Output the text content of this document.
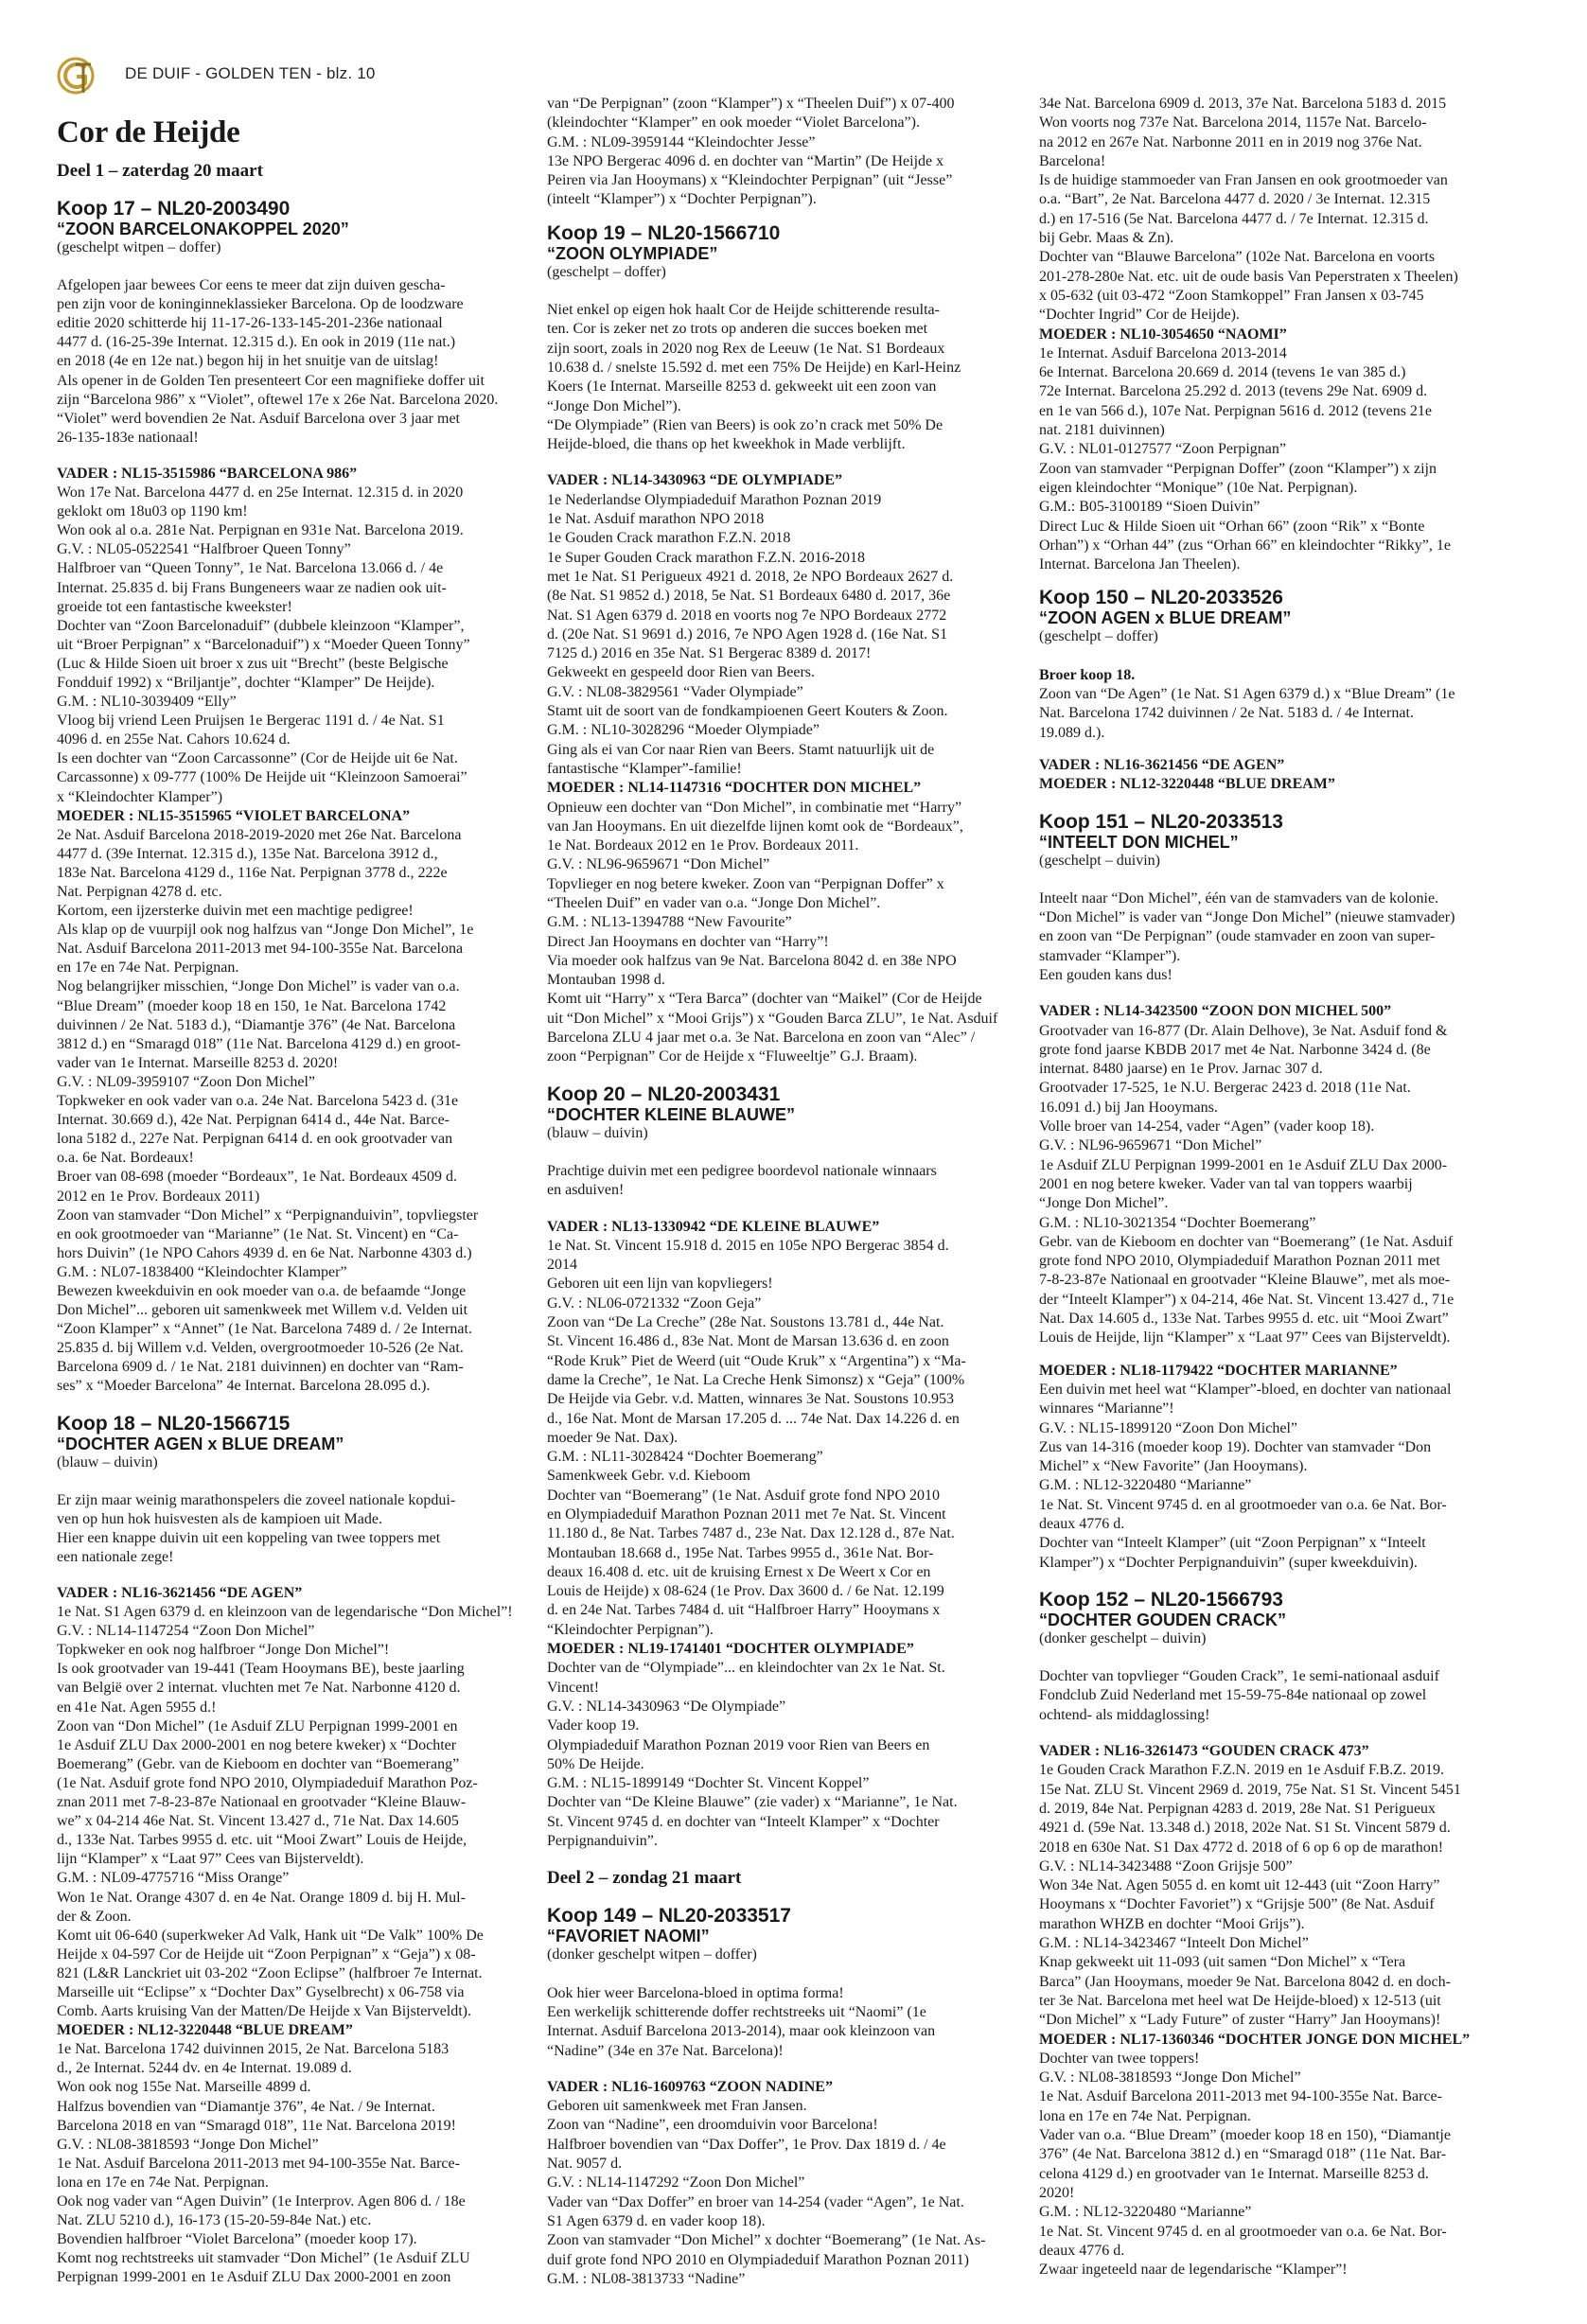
DE DUIF - GOLDEN TEN - blz. 10
Cor de Heijde
Deel 1 – zaterdag 20 maart
Koop 17 – NL20-2003490
“ZOON BARCELONAKOPPEL 2020”
(geschelpt witpen – doffer)
Afgelopen jaar bewees Cor eens te meer dat zijn duiven gescha-
pen zijn voor de koninginneklassieker Barcelona. Op de loodzware
editie 2020 schitterde hij 11-17-26-133-145-201-236e nationaal
4477 d. (16-25-39e Internat. 12.315 d.). En ook in 2019 (11e nat.)
en 2018 (4e en 12e nat.) begon hij in het snuitje van de uitslag!
Als opener in de Golden Ten presenteert Cor een magnifieke doffer uit
zijn “Barcelona 986” x “Violet”, oftewel 17e x 26e Nat. Barcelona 2020.
“Violet” werd bovendien 2e Nat. Asduif Barcelona over 3 jaar met
26-135-183e nationaal!
VADER : NL15-3515986 “BARCELONA 986”
Won 17e Nat. Barcelona 4477 d. en 25e Internat. 12.315 d. in 2020
geklokt om 18u03 op 1190 km!
Won ook al o.a. 281e Nat. Perpignan en 931e Nat. Barcelona 2019.
G.V. : NL05-0522541 “Halfbroer Queen Tonny”
Halfbroer van “Queen Tonny”, 1e Nat. Barcelona 13.066 d. / 4e
Internat. 25.835 d. bij Frans Bungeneers waar ze nadien ook uit-
groeide tot een fantastische kweekster!
Dochter van “Zoon Barcelonaduif” (dubbele kleinzoon “Klamper”,
uit “Broer Perpignan” x “Barcelonaduif”) x “Moeder Queen Tonny”
(Luc & Hilde Sioen uit broer x zus uit “Brecht” (beste Belgische
Fondduif 1992) x “Briljantje”, dochter “Klamper” De Heijde).
G.M. : NL10-3039409 “Elly”
Vloog bij vriend Leen Pruijsen 1e Bergerac 1191 d. / 4e Nat. S1
4096 d. en 255e Nat. Cahors 10.624 d.
Is een dochter van “Zoon Carcassonne” (Cor de Heijde uit 6e Nat.
Carcassonne) x 09-777 (100% De Heijde uit “Kleinzoon Samoerai”
x “Kleindochter Klamper”)
MOEDER : NL15-3515965 “VIOLET BARCELONA”
2e Nat. Asduif Barcelona 2018-2019-2020 met 26e Nat. Barcelona
4477 d. (39e Internat. 12.315 d.), 135e Nat. Barcelona 3912 d.,
183e Nat. Barcelona 4129 d., 116e Nat. Perpignan 3778 d., 222e
Nat. Perpignan 4278 d. etc.
Kortom, een ijzersterke duivin met een machtige pedigree!
Als klap op de vuurpijl ook nog halfzus van “Jonge Don Michel”, 1e
Nat. Asduif Barcelona 2011-2013 met 94-100-355e Nat. Barcelona
en 17e en 74e Nat. Perpignan.
Nog belangrijker misschien, “Jonge Don Michel” is vader van o.a.
“Blue Dream” (moeder koop 18 en 150, 1e Nat. Barcelona 1742
duivinnen / 2e Nat. 5183 d.), “Diamantje 376” (4e Nat. Barcelona
3812 d.) en “Smaragd 018” (11e Nat. Barcelona 4129 d.) en groot-
vader van 1e Internat. Marseille 8253 d. 2020!
G.V. : NL09-3959107 “Zoon Don Michel”
Topkweker en ook vader van o.a. 24e Nat. Barcelona 5423 d. (31e
Internat. 30.669 d.), 42e Nat. Perpignan 6414 d., 44e Nat. Barce-
lona 5182 d., 227e Nat. Perpignan 6414 d. en ook grootvader van
o.a. 6e Nat. Bordeaux!
Broer van 08-698 (moeder “Bordeaux”, 1e Nat. Bordeaux 4509 d.
2012 en 1e Prov. Bordeaux 2011)
Zoon van stamvader “Don Michel” x “Perpignanduivin”, topvliegster
en ook grootmoeder van “Marianne” (1e Nat. St. Vincent) en “Ca-
hors Duivin” (1e NPO Cahors 4939 d. en 6e Nat. Narbonne 4303 d.)
G.M. : NL07-1838400 “Kleindochter Klamper”
Bewezen kweekduivin en ook moeder van o.a. de befaamde “Jonge
Don Michel”... geboren uit samenkweek met Willem v.d. Velden uit
“Zoon Klamper” x “Annet” (1e Nat. Barcelona 7489 d. / 2e Internat.
25.835 d. bij Willem v.d. Velden, overgrootmoeder 10-526 (2e Nat.
Barcelona 6909 d. / 1e Nat. 2181 duivinnen) en dochter van “Ram-
ses” x “Moeder Barcelona” 4e Internat. Barcelona 28.095 d.).
Koop 18 – NL20-1566715
“DOCHTER AGEN x BLUE DREAM”
(blauw – duivin)
Er zijn maar weinig marathonspelers die zoveel nationale kopdui-
ven op hun hok huisvesten als de kampioen uit Made.
Hier een knappe duivin uit een koppeling van twee toppers met
een nationale zege!
VADER : NL16-3621456 “DE AGEN”
1e Nat. S1 Agen 6379 d. en kleinzoon van de legendarische “Don Michel”!
G.V. : NL14-1147254 “Zoon Don Michel”
Topkweker en ook nog halfbroer “Jonge Don Michel”!
Is ook grootvader van 19-441 (Team Hooymans BE), beste jaarling
van België over 2 internat. vluchten met 7e Nat. Narbonne 4120 d.
en 41e Nat. Agen 5955 d.!
Zoon van “Don Michel” (1e Asduif ZLU Perpignan 1999-2001 en
1e Asduif ZLU Dax 2000-2001 en nog betere kweker) x “Dochter
Boemerang” (Gebr. van de Kieboom en dochter van “Boemerang”
(1e Nat. Asduif grote fond NPO 2010, Olympiadeduif Marathon Poz-
znan 2011 met 7-8-23-87e Nationaal en grootvader “Kleine Blauw-
we” x 04-214 46e Nat. St. Vincent 13.427 d., 71e Nat. Dax 14.605
d., 133e Nat. Tarbes 9955 d. etc. uit “Mooi Zwart” Louis de Heijde,
lijn “Klamper” x “Laat 97” Cees van Bijsterveldt).
G.M. : NL09-4775716 “Miss Orange”
Won 1e Nat. Orange 4307 d. en 4e Nat. Orange 1809 d. bij H. Mul-
der & Zoon.
Komt uit 06-640 (superkweker Ad Valk, Hank uit “De Valk” 100% De
Heijde x 04-597 Cor de Heijde uit “Zoon Perpignan” x “Geja”) x 08-
821 (L&R Lanckriet uit 03-202 “Zoon Eclipse” (halfbroer 7e Internat.
Marseille uit “Eclipse” x “Dochter Dax” Gyselbrecht) x 06-758 via
Comb. Aarts kruising Van der Matten/De Heijde x Van Bijsterveldt).
MOEDER : NL12-3220448 “BLUE DREAM”
1e Nat. Barcelona 1742 duivinnen 2015, 2e Nat. Barcelona 5183
d., 2e Internat. 5244 dv. en 4e Internat. 19.089 d.
Won ook nog 155e Nat. Marseille 4899 d.
Halfzus bovendien van “Diamantje 376”, 4e Nat. / 9e Internat.
Barcelona 2018 en van “Smaragd 018”, 11e Nat. Barcelona 2019!
G.V. : NL08-3818593 “Jonge Don Michel”
1e Nat. Asduif Barcelona 2011-2013 met 94-100-355e Nat. Barce-
lona en 17e en 74e Nat. Perpignan.
Ook nog vader van “Agen Duivin” (1e Interprov. Agen 806 d. / 18e
Nat. ZLU 5210 d.), 16-173 (15-20-59-84e Nat.) etc.
Bovendien halfbroer “Violet Barcelona” (moeder koop 17).
Komt nog rechtstreeks uit stamvader “Don Michel” (1e Asduif ZLU
Perpignan 1999-2001 en 1e Asduif ZLU Dax 2000-2001 en zoon
van “De Perpignan” (zoon “Klamper”) x “Theelen Duif”) x 07-400
(kleindochter “Klamper” en ook moeder “Violet Barcelona”).
G.M. : NL09-3959144 “Kleindochter Jesse”
13e NPO Bergerac 4096 d. en dochter van “Martin” (De Heijde x
Peiren via Jan Hooymans) x “Kleindochter Perpignan” (uit “Jesse”
(inteelt “Klamper”) x “Dochter Perpignan”).
Koop 19 – NL20-1566710
“ZOON OLYMPIADE”
(geschelpt – doffer)
Niet enkel op eigen hok haalt Cor de Heijde schitterende resulta-
ten. Cor is zeker net zo trots op anderen die succes boeken met
zijn soort, zoals in 2020 nog Rex de Leeuw (1e Nat. S1 Bordeaux
10.638 d. / snelste 15.592 d. met een 75% De Heijde) en Karl-Heinz
Koers (1e Internat. Marseille 8253 d. gekweekt uit een zoon van
“Jonge Don Michel”).
“De Olympiade” (Rien van Beers) is ook zo’n crack met 50% De
Heijde-bloed, die thans op het kweekhok in Made verblijft.
VADER : NL14-3430963 “DE OLYMPIADE”
1e Nederlandse Olympiadeduif Marathon Poznan 2019
1e Nat. Asduif marathon NPO 2018
1e Gouden Crack marathon F.Z.N. 2018
1e Super Gouden Crack marathon F.Z.N. 2016-2018
met 1e Nat. S1 Perigueux 4921 d. 2018, 2e NPO Bordeaux 2627 d.
(8e Nat. S1 9852 d.) 2018, 5e Nat. S1 Bordeaux 6480 d. 2017, 36e
Nat. S1 Agen 6379 d. 2018 en voorts nog 7e NPO Bordeaux 2772
d. (20e Nat. S1 9691 d.) 2016, 7e NPO Agen 1928 d. (16e Nat. S1
7125 d.) 2016 en 35e Nat. S1 Bergerac 8389 d. 2017!
Gekweekt en gespeeld door Rien van Beers.
G.V. : NL08-3829561 “Vader Olympiade”
Stamt uit de soort van de fondkampioenen Geert Kouters & Zoon.
G.M. : NL10-3028296 “Moeder Olympiade”
Ging als ei van Cor naar Rien van Beers. Stamt natuurlijk uit de
fantastische “Klamper”-familie!
MOEDER : NL14-1147316 “DOCHTER DON MICHEL”
Opnieuw een dochter van “Don Michel”, in combinatie met “Harry”
van Jan Hooymans. En uit diezelfde lijnen komt ook de “Bordeaux”,
1e Nat. Bordeaux 2012 en 1e Prov. Bordeaux 2011.
G.V. : NL96-9659671 “Don Michel”
Topvlieger en nog betere kweker. Zoon van “Perpignan Doffer” x
“Theelen Duif” en vader van o.a. “Jonge Don Michel”.
G.M. : NL13-1394788 “New Favourite”
Direct Jan Hooymans en dochter van “Harry”!
Via moeder ook halfzus van 9e Nat. Barcelona 8042 d. en 38e NPO
Montauban 1998 d.
Komt uit “Harry” x “Tera Barca” (dochter van “Maikel” (Cor de Heijde
uit “Don Michel” x “Mooi Grijs”) x “Gouden Barca ZLU”, 1e Nat. Asduif
Barcelona ZLU 4 jaar met o.a. 3e Nat. Barcelona en zoon van “Alec” /
zoon “Perpignan” Cor de Heijde x “Fluweeltje” G.J. Braam).
Koop 20 – NL20-2003431
“DOCHTER KLEINE BLAUWE”
(blauw – duivin)
Prachtige duivin met een pedigree boordevol nationale winnaars
en asduiven!
VADER : NL13-1330942 “DE KLEINE BLAUWE”
1e Nat. St. Vincent 15.918 d. 2015 en 105e NPO Bergerac 3854 d.
2014
Geboren uit een lijn van kopvliegers!
G.V. : NL06-0721332 “Zoon Geja”
Zoon van “De La Creche” (28e Nat. Soustons 13.781 d., 44e Nat.
St. Vincent 16.486 d., 83e Nat. Mont de Marsan 13.636 d. en zoon
“Rode Kruk” Piet de Weerd (uit “Oude Kruk” x “Argentina”) x “Ma-
dame la Creche”, 1e Nat. La Creche Henk Simonsz) x “Geja” (100%
De Heijde via Gebr. v.d. Matten, winnares 3e Nat. Soustons 10.953
d., 16e Nat. Mont de Marsan 17.205 d. ... 74e Nat. Dax 14.226 d. en
moeder 9e Nat. Dax).
G.M. : NL11-3028424 “Dochter Boemerang”
Samenkweek Gebr. v.d. Kieboom
Dochter van “Boemerang” (1e Nat. Asduif grote fond NPO 2010
en Olympiadeduif Marathon Poznan 2011 met 7e Nat. St. Vincent
11.180 d., 8e Nat. Tarbes 7487 d., 23e Nat. Dax 12.128 d., 87e Nat.
Montauban 18.668 d., 195e Nat. Tarbes 9955 d., 361e Nat. Bor-
deaux 16.408 d. etc. uit de kruising Ernest x De Weert x Cor en
Louis de Heijde) x 08-624 (1e Prov. Dax 3600 d. / 6e Nat. 12.199
d. en 24e Nat. Tarbes 7484 d. uit “Halfbroer Harry” Hooymans x
“Kleindochter Perpignan”).
MOEDER : NL19-1741401 “DOCHTER OLYMPIADE”
Dochter van de “Olympiade”... en kleindochter van 2x 1e Nat. St.
Vincent!
G.V. : NL14-3430963 “De Olympiade”
Vader koop 19.
Olympiadeduif Marathon Poznan 2019 voor Rien van Beers en
50% De Heijde.
G.M. : NL15-1899149 “Dochter St. Vincent Koppel”
Dochter van “De Kleine Blauwe” (zie vader) x “Marianne”, 1e Nat.
St. Vincent 9745 d. en dochter van “Inteelt Klamper” x “Dochter
Perpignanduivin”.
Deel 2 – zondag 21 maart
Koop 149 – NL20-2033517
“FAVORIET NAOMI”
(donker geschelpt witpen – doffer)
Ook hier weer Barcelona-bloed in optima forma!
Een werkelijk schitterende doffer rechtstreeks uit “Naomi” (1e
Internat. Asduif Barcelona 2013-2014), maar ook kleinzoon van
“Nadine” (34e en 37e Nat. Barcelona)!
VADER : NL16-1609763 “ZOON NADINE”
Geboren uit samenkweek met Fran Jansen.
Zoon van “Nadine”, een droomduivin voor Barcelona!
Halfbroer bovendien van “Dax Doffer”, 1e Prov. Dax 1819 d. / 4e
Nat. 9057 d.
G.V. : NL14-1147292 “Zoon Don Michel”
Vader van “Dax Doffer” en broer van 14-254 (vader “Agen”, 1e Nat.
S1 Agen 6379 d. en vader koop 18).
Zoon van stamvader “Don Michel” x dochter “Boemerang” (1e Nat. As-
duif grote fond NPO 2010 en Olympiadeduif Marathon Poznan 2011)
G.M. : NL08-3813733 “Nadine”
34e Nat. Barcelona 6909 d. 2013, 37e Nat. Barcelona 5183 d. 2015
Won voorts nog 737e Nat. Barcelona 2014, 1157e Nat. Barcelo-
na 2012 en 267e Nat. Narbonne 2011 en in 2019 nog 376e Nat.
Barcelona!
Is de huidige stammoeder van Fran Jansen en ook grootmoeder van
o.a. “Bart”, 2e Nat. Barcelona 4477 d. 2020 / 3e Internat. 12.315
d.) en 17-516 (5e Nat. Barcelona 4477 d. / 7e Internat. 12.315 d.
bij Gebr. Maas & Zn).
Dochter van “Blauwe Barcelona” (102e Nat. Barcelona en voorts
201-278-280e Nat. etc. uit de oude basis Van Peperstraten x Theelen)
x 05-632 (uit 03-472 “Zoon Stamkoppel” Fran Jansen x 03-745
“Dochter Ingrid” Cor de Heijde).
MOEDER : NL10-3054650 “NAOMI”
1e Internat. Asduif Barcelona 2013-2014
6e Internat. Barcelona 20.669 d. 2014 (tevens 1e van 385 d.)
72e Internat. Barcelona 25.292 d. 2013 (tevens 29e Nat. 6909 d.
en 1e van 566 d.), 107e Nat. Perpignan 5616 d. 2012 (tevens 21e
nat. 2181 duivinnen)
G.V. : NL01-0127577 “Zoon Perpignan”
Zoon van stamvader “Perpignan Doffer” (zoon “Klamper”) x zijn
eigen kleindochter “Monique” (10e Nat. Perpignan).
G.M.: B05-3100189 “Sioen Duivin”
Direct Luc & Hilde Sioen uit “Orhan 66” (zoon “Rik” x “Bonte
Orhan”) x “Orhan 44” (zus “Orhan 66” en kleindochter “Rikky”, 1e
Internat. Barcelona Jan Theelen).
Koop 150 – NL20-2033526
“ZOON AGEN x BLUE DREAM”
(geschelpt – doffer)
Broer koop 18.
Zoon van “De Agen” (1e Nat. S1 Agen 6379 d.) x “Blue Dream” (1e
Nat. Barcelona 1742 duivinnen / 2e Nat. 5183 d. / 4e Internat.
19.089 d.).
VADER : NL16-3621456 “DE AGEN”
MOEDER : NL12-3220448 “BLUE DREAM”
Koop 151 – NL20-2033513
“INTEELT DON MICHEL”
(geschelpt – duivin)
Inteelt naar “Don Michel”, één van de stamvaders van de kolonie.
“Don Michel” is vader van “Jonge Don Michel” (nieuwe stamvader)
en zoon van “De Perpignan” (oude stamvader en zoon van super-
stamvader “Klamper”).
Een gouden kans dus!
VADER : NL14-3423500 “ZOON DON MICHEL 500”
Grootvader van 16-877 (Dr. Alain Delhove), 3e Nat. Asduif fond &
grote fond jaarse KBDB 2017 met 4e Nat. Narbonne 3424 d. (8e
internat. 8480 jaarse) en 1e Prov. Jarnac 307 d.
Grootvader 17-525, 1e N.U. Bergerac 2423 d. 2018 (11e Nat.
16.091 d.) bij Jan Hooymans.
Volle broer van 14-254, vader “Agen” (vader koop 18).
G.V. : NL96-9659671 “Don Michel”
1e Asduif ZLU Perpignan 1999-2001 en 1e Asduif ZLU Dax 2000-
2001 en nog betere kweker. Vader van tal van toppers waarbij
“Jonge Don Michel”.
G.M. : NL10-3021354 “Dochter Boemerang”
Gebr. van de Kieboom en dochter van “Boemerang” (1e Nat. Asduif
grote fond NPO 2010, Olympiadeduif Marathon Poznan 2011 met
7-8-23-87e Nationaal en grootvader “Kleine Blauwe”, met als moe-
der “Inteelt Klamper”) x 04-214, 46e Nat. St. Vincent 13.427 d., 71e
Nat. Dax 14.605 d., 133e Nat. Tarbes 9955 d. etc. uit “Mooi Zwart”
Louis de Heijde, lijn “Klamper” x “Laat 97” Cees van Bijsterveldt).
MOEDER : NL18-1179422 “DOCHTER MARIANNE”
Een duivin met heel wat “Klamper”-bloed, en dochter van nationaal
winnares “Marianne”!
G.V. : NL15-1899120 “Zoon Don Michel”
Zus van 14-316 (moeder koop 19). Dochter van stamvader “Don
Michel” x “New Favorite” (Jan Hooymans).
G.M. : NL12-3220480 “Marianne”
1e Nat. St. Vincent 9745 d. en al grootmoeder van o.a. 6e Nat. Bor-
deaux 4776 d.
Dochter van “Inteelt Klamper” (uit “Zoon Perpignan” x “Inteelt
Klamper”) x “Dochter Perpignanduivin” (super kweekduivin).
Koop 152 – NL20-1566793
“DOCHTER GOUDEN CRACK”
(donker geschelpt – duivin)
Dochter van topvlieger “Gouden Crack”, 1e semi-nationaal asduif
Fondclub Zuid Nederland met 15-59-75-84e nationaal op zowel
ochtend- als middaglossing!
VADER : NL16-3261473 “GOUDEN CRACK 473”
1e Gouden Crack Marathon F.Z.N. 2019 en 1e Asduif F.B.Z. 2019.
15e Nat. ZLU St. Vincent 2969 d. 2019, 75e Nat. S1 St. Vincent 5451
d. 2019, 84e Nat. Perpignan 4283 d. 2019, 28e Nat. S1 Perigueux
4921 d. (59e Nat. 13.348 d.) 2018, 202e Nat. S1 St. Vincent 5879 d.
2018 en 630e Nat. S1 Dax 4772 d. 2018 of 6 op 6 op de marathon!
G.V. : NL14-3423488 “Zoon Grijsje 500”
Won 34e Nat. Agen 5055 d. en komt uit 12-443 (uit “Zoon Harry”
Hooymans x “Dochter Favoriet”) x “Grijsje 500” (8e Nat. Asduif
marathon WHZB en dochter “Mooi Grijs”).
G.M. : NL14-3423467 “Inteelt Don Michel”
Knap gekweekt uit 11-093 (uit samen “Don Michel” x “Tera
Barca” (Jan Hooymans, moeder 9e Nat. Barcelona 8042 d. en doch-
ter 3e Nat. Barcelona met heel wat De Heijde-bloed) x 12-513 (uit
“Don Michel” x “Lady Future” of zuster “Harry” Jan Hooymans)!
MOEDER : NL17-1360346 “DOCHTER JONGE DON MICHEL”
Dochter van twee toppers!
G.V. : NL08-3818593 “Jonge Don Michel”
1e Nat. Asduif Barcelona 2011-2013 met 94-100-355e Nat. Barce-
lona en 17e en 74e Nat. Perpignan.
Vader van o.a. “Blue Dream” (moeder koop 18 en 150), “Diamantje
376” (4e Nat. Barcelona 3812 d.) en “Smaragd 018” (11e Nat. Bar-
celona 4129 d.) en grootvader van 1e Internat. Marseille 8253 d.
2020!
G.M. : NL12-3220480 “Marianne”
1e Nat. St. Vincent 9745 d. en al grootmoeder van o.a. 6e Nat. Bor-
deaux 4776 d.
Zwaar ingeteeld naar de legendarische “Klamper”!
